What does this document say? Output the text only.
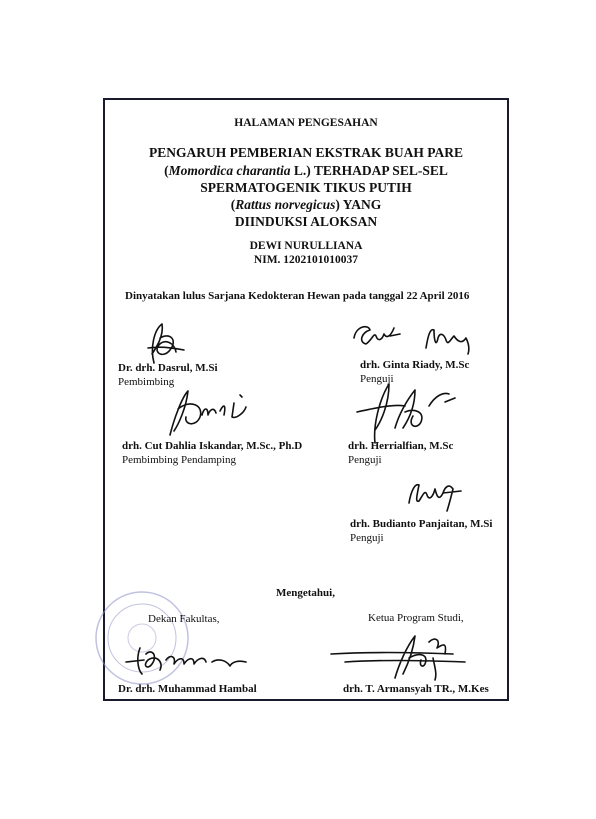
HALAMAN PENGESAHAN
PENGARUH PEMBERIAN EKSTRAK BUAH PARE
(Momordica charantia L.) TERHADAP SEL-SEL
SPERMATOGENIK TIKUS PUTIH
(Rattus norvegicus) YANG
DIINDUKSI ALOKSAN
DEWI NURULLIANA
NIM. 1202101010037
Dinyatakan lulus Sarjana Kedokteran Hewan pada tanggal 22 April 2016
Dr. drh. Dasrul, M.Si
Pembimbing
drh. Ginta Riady, M.Sc
Penguji
drh. Cut Dahlia Iskandar, M.Sc., Ph.D
Pembimbing Pendamping
drh. Herrialfian, M.Sc
Penguji
drh. Budianto Panjaitan, M.Si
Penguji
Mengetahui,
Dekan Fakultas,	Ketua Program Studi,
Dr. drh. Muhammad Hambal	drh. T. Armansyah TR., M.Kes
